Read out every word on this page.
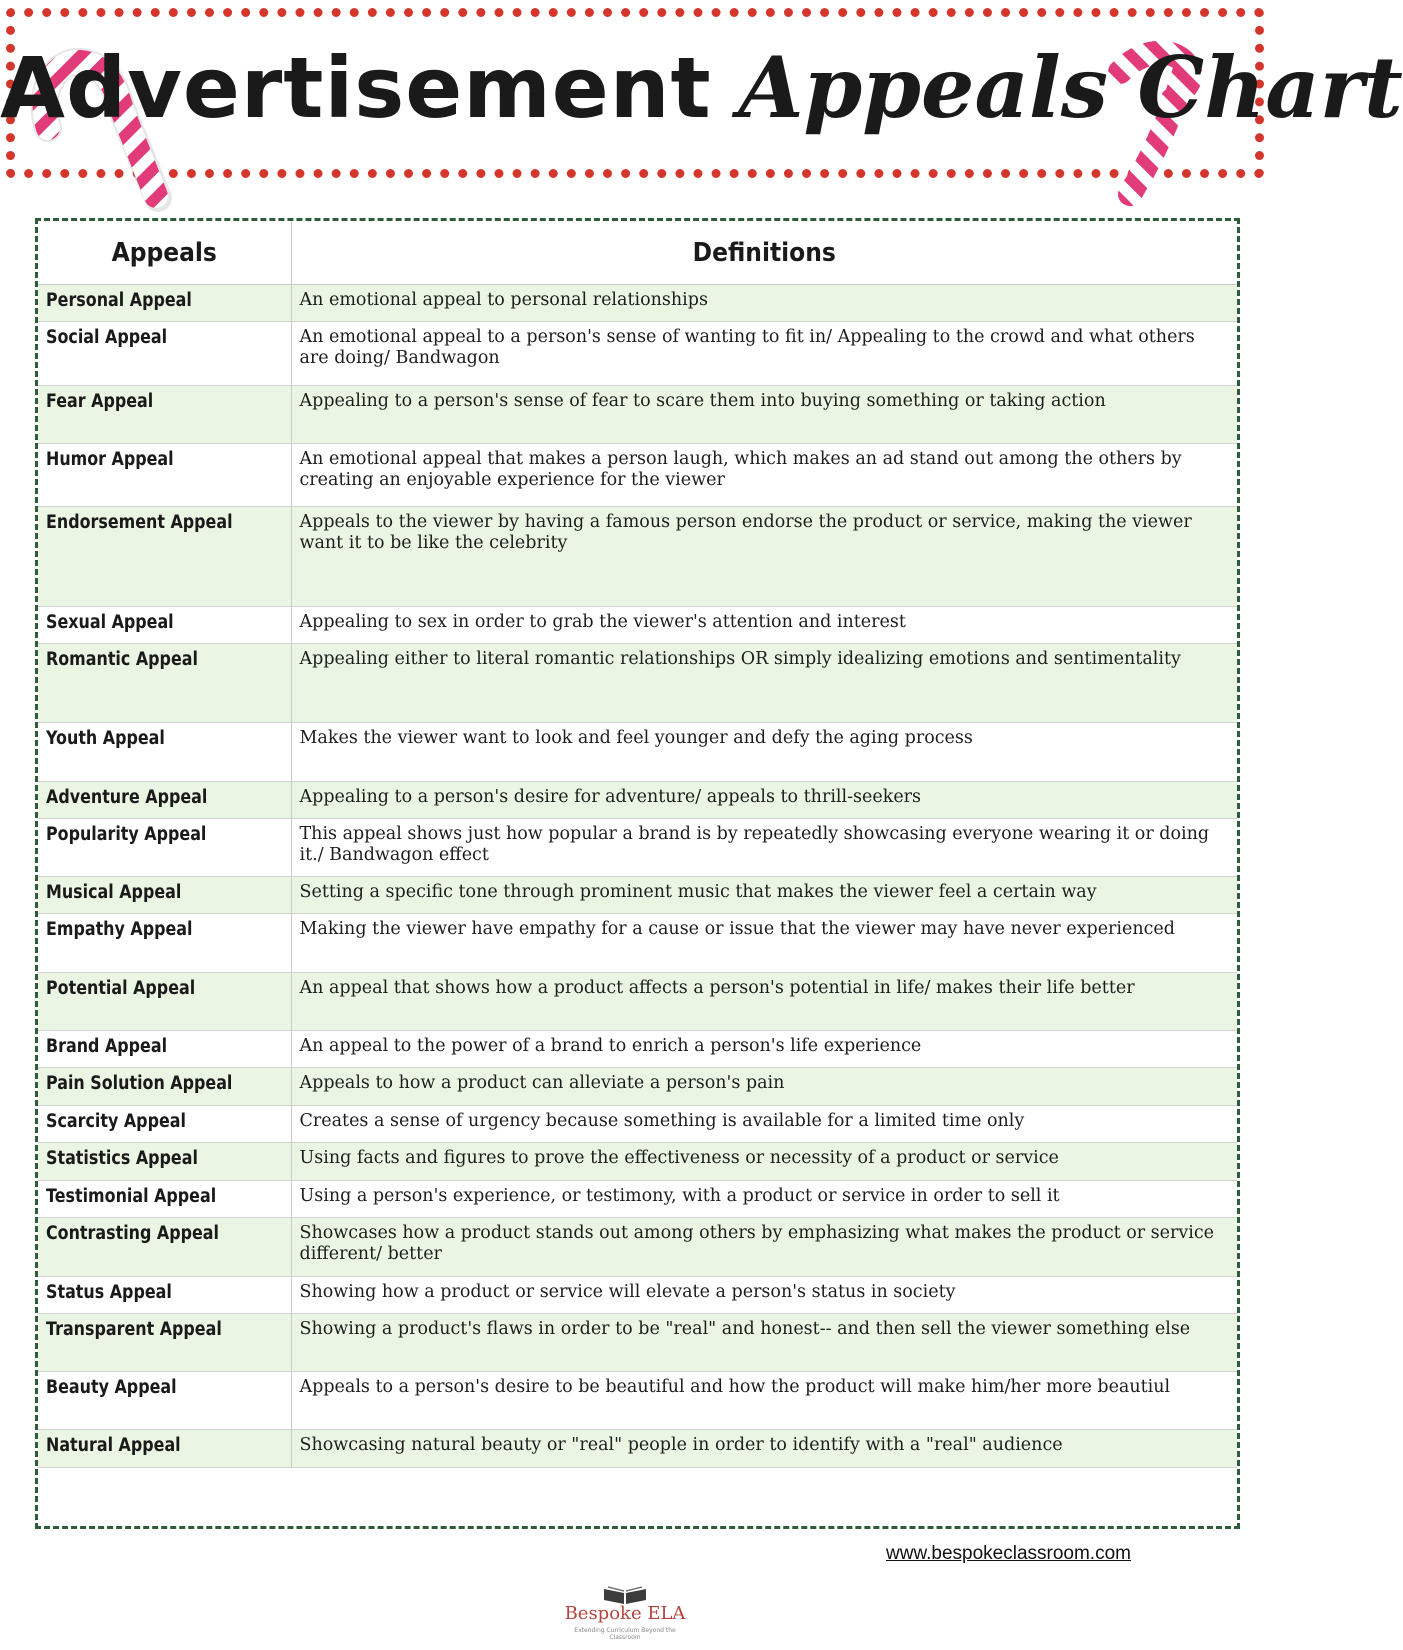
Advertisement Appeals Chart
Appeals	Definitions

Personal Appeal	An emotional appeal to personal relationships

Social Appeal	An emotional appeal to a person's sense of wanting to fit in/ Appealing to the crowd and what others are doing/ Bandwagon

Fear Appeal	Appealing to a person's sense of fear to scare them into buying something or taking action

Humor Appeal	An emotional appeal that makes a person laugh, which makes an ad stand out among the others by creating an enjoyable experience for the viewer

Endorsement Appeal	Appeals to the viewer by having a famous person endorse the product or service, making the viewer want it to be like the celebrity

Sexual Appeal	Appealing to sex in order to grab the viewer's attention and interest

Romantic Appeal	Appealing either to literal romantic relationships OR simply idealizing emotions and sentimentality

Youth Appeal	Makes the viewer want to look and feel younger and defy the aging process

Adventure Appeal	Appealing to a person's desire for adventure/ appeals to thrill-seekers

Popularity Appeal	This appeal shows just how popular a brand is by repeatedly showcasing everyone wearing it or doing it./ Bandwagon effect

Musical Appeal	Setting a specific tone through prominent music that makes the viewer feel a certain way

Empathy Appeal	Making the viewer have empathy for a cause or issue that the viewer may have never experienced

Potential Appeal	An appeal that shows how a product affects a person's potential in life/ makes their life better

Brand Appeal	An appeal to the power of a brand to enrich a person's life experience

Pain Solution Appeal	Appeals to how a product can alleviate a person's pain

Scarcity Appeal	Creates a sense of urgency because something is available for a limited time only

Statistics Appeal	Using facts and figures to prove the effectiveness or necessity of a product or service

Testimonial Appeal	Using a person's experience, or testimony, with a product or service in order to sell it

Contrasting Appeal	Showcases how a product stands out among others by emphasizing what makes the product or service different/ better

Status Appeal	Showing how a product or service will elevate a person's status in society

Transparent Appeal	Showing a product's flaws in order to be "real" and honest-- and then sell the viewer something else

Beauty Appeal	Appeals to a person's desire to be beautiful and how the product will make him/her more beautiul

Natural Appeal	Showcasing natural beauty or "real" people in order to identify with a "real" audience
www.bespokeclassroom.com
Bespoke ELA
Extending Curriculum Beyond the Classroom
